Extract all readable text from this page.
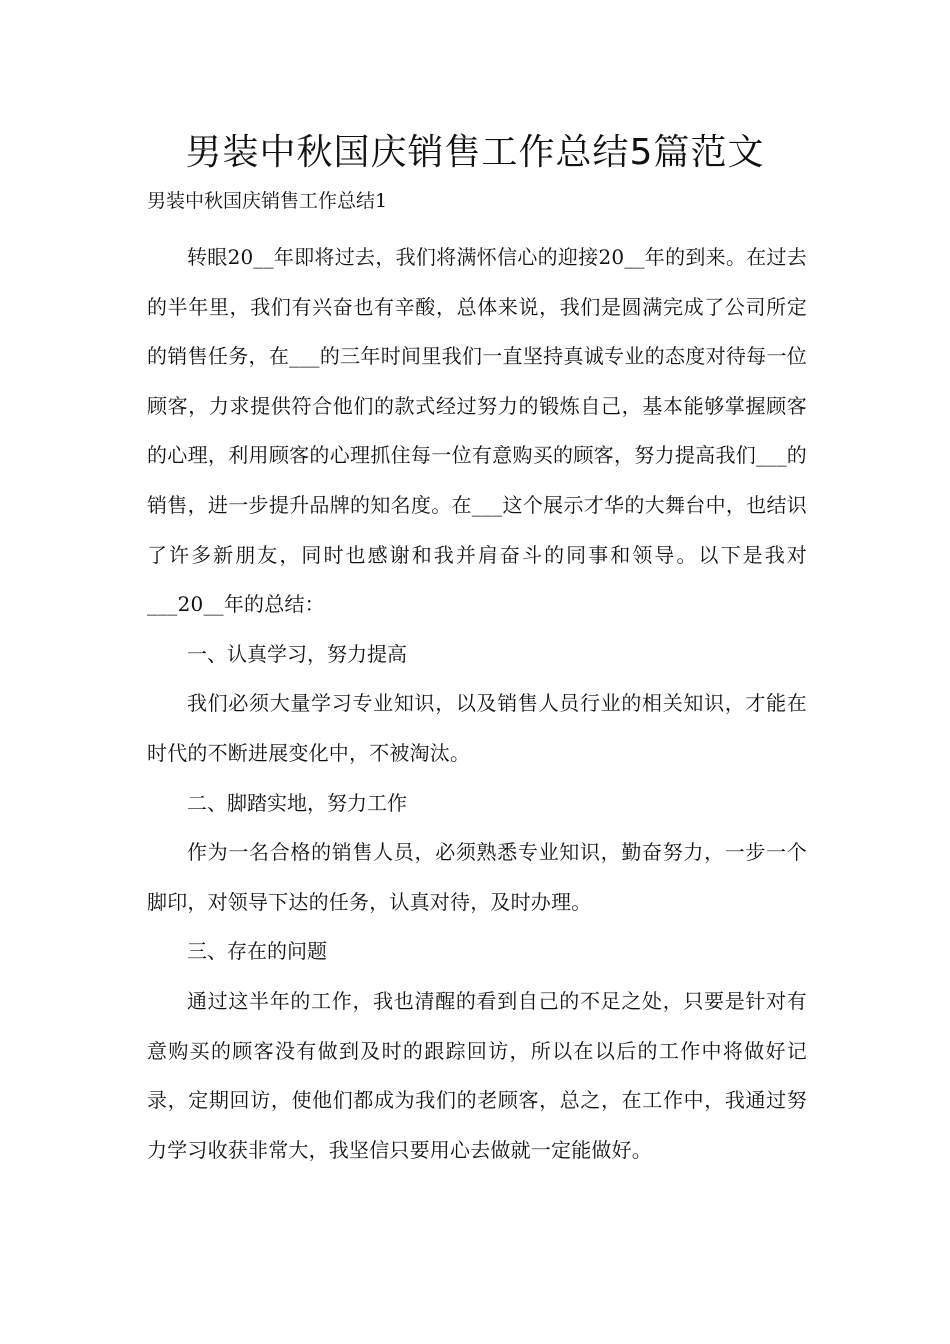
男装中秋国庆销售工作总结5篇范文

男装中秋国庆销售工作总结1

转眼20__年即将过去，我们将满怀信心的迎接20__年的到来。在过去的半年里，我们有兴奋也有辛酸，总体来说，我们是圆满完成了公司所定的销售任务，在___的三年时间里我们一直坚持真诚专业的态度对待每一位顾客，力求提供符合他们的款式经过努力的锻炼自己，基本能够掌握顾客的心理，利用顾客的心理抓住每一位有意购买的顾客，努力提高我们___的销售，进一步提升品牌的知名度。在___这个展示才华的大舞台中，也结识了许多新朋友，同时也感谢和我并肩奋斗的同事和领导。以下是我对___20__年的总结：

一、认真学习，努力提高

我们必须大量学习专业知识，以及销售人员行业的相关知识，才能在 时代的不断进展变化中，不被淘汰。

二、脚踏实地，努力工作

作为一名合格的销售人员，必须熟悉专业知识，勤奋努力，一步一个脚印，对领导下达的任务，认真对待，及时办理。

三、存在的问题

通过这半年的工作，我也清醒的看到自己的不足之处，只要是针对有意购买的顾客没有做到及时的跟踪回访，所以在以后的工作中将做好记录，定期回访，使他们都成为我们的老顾客，总之，在工作中，我通过努力学习收获非常大，我坚信只要用心去做就一定能做好。
